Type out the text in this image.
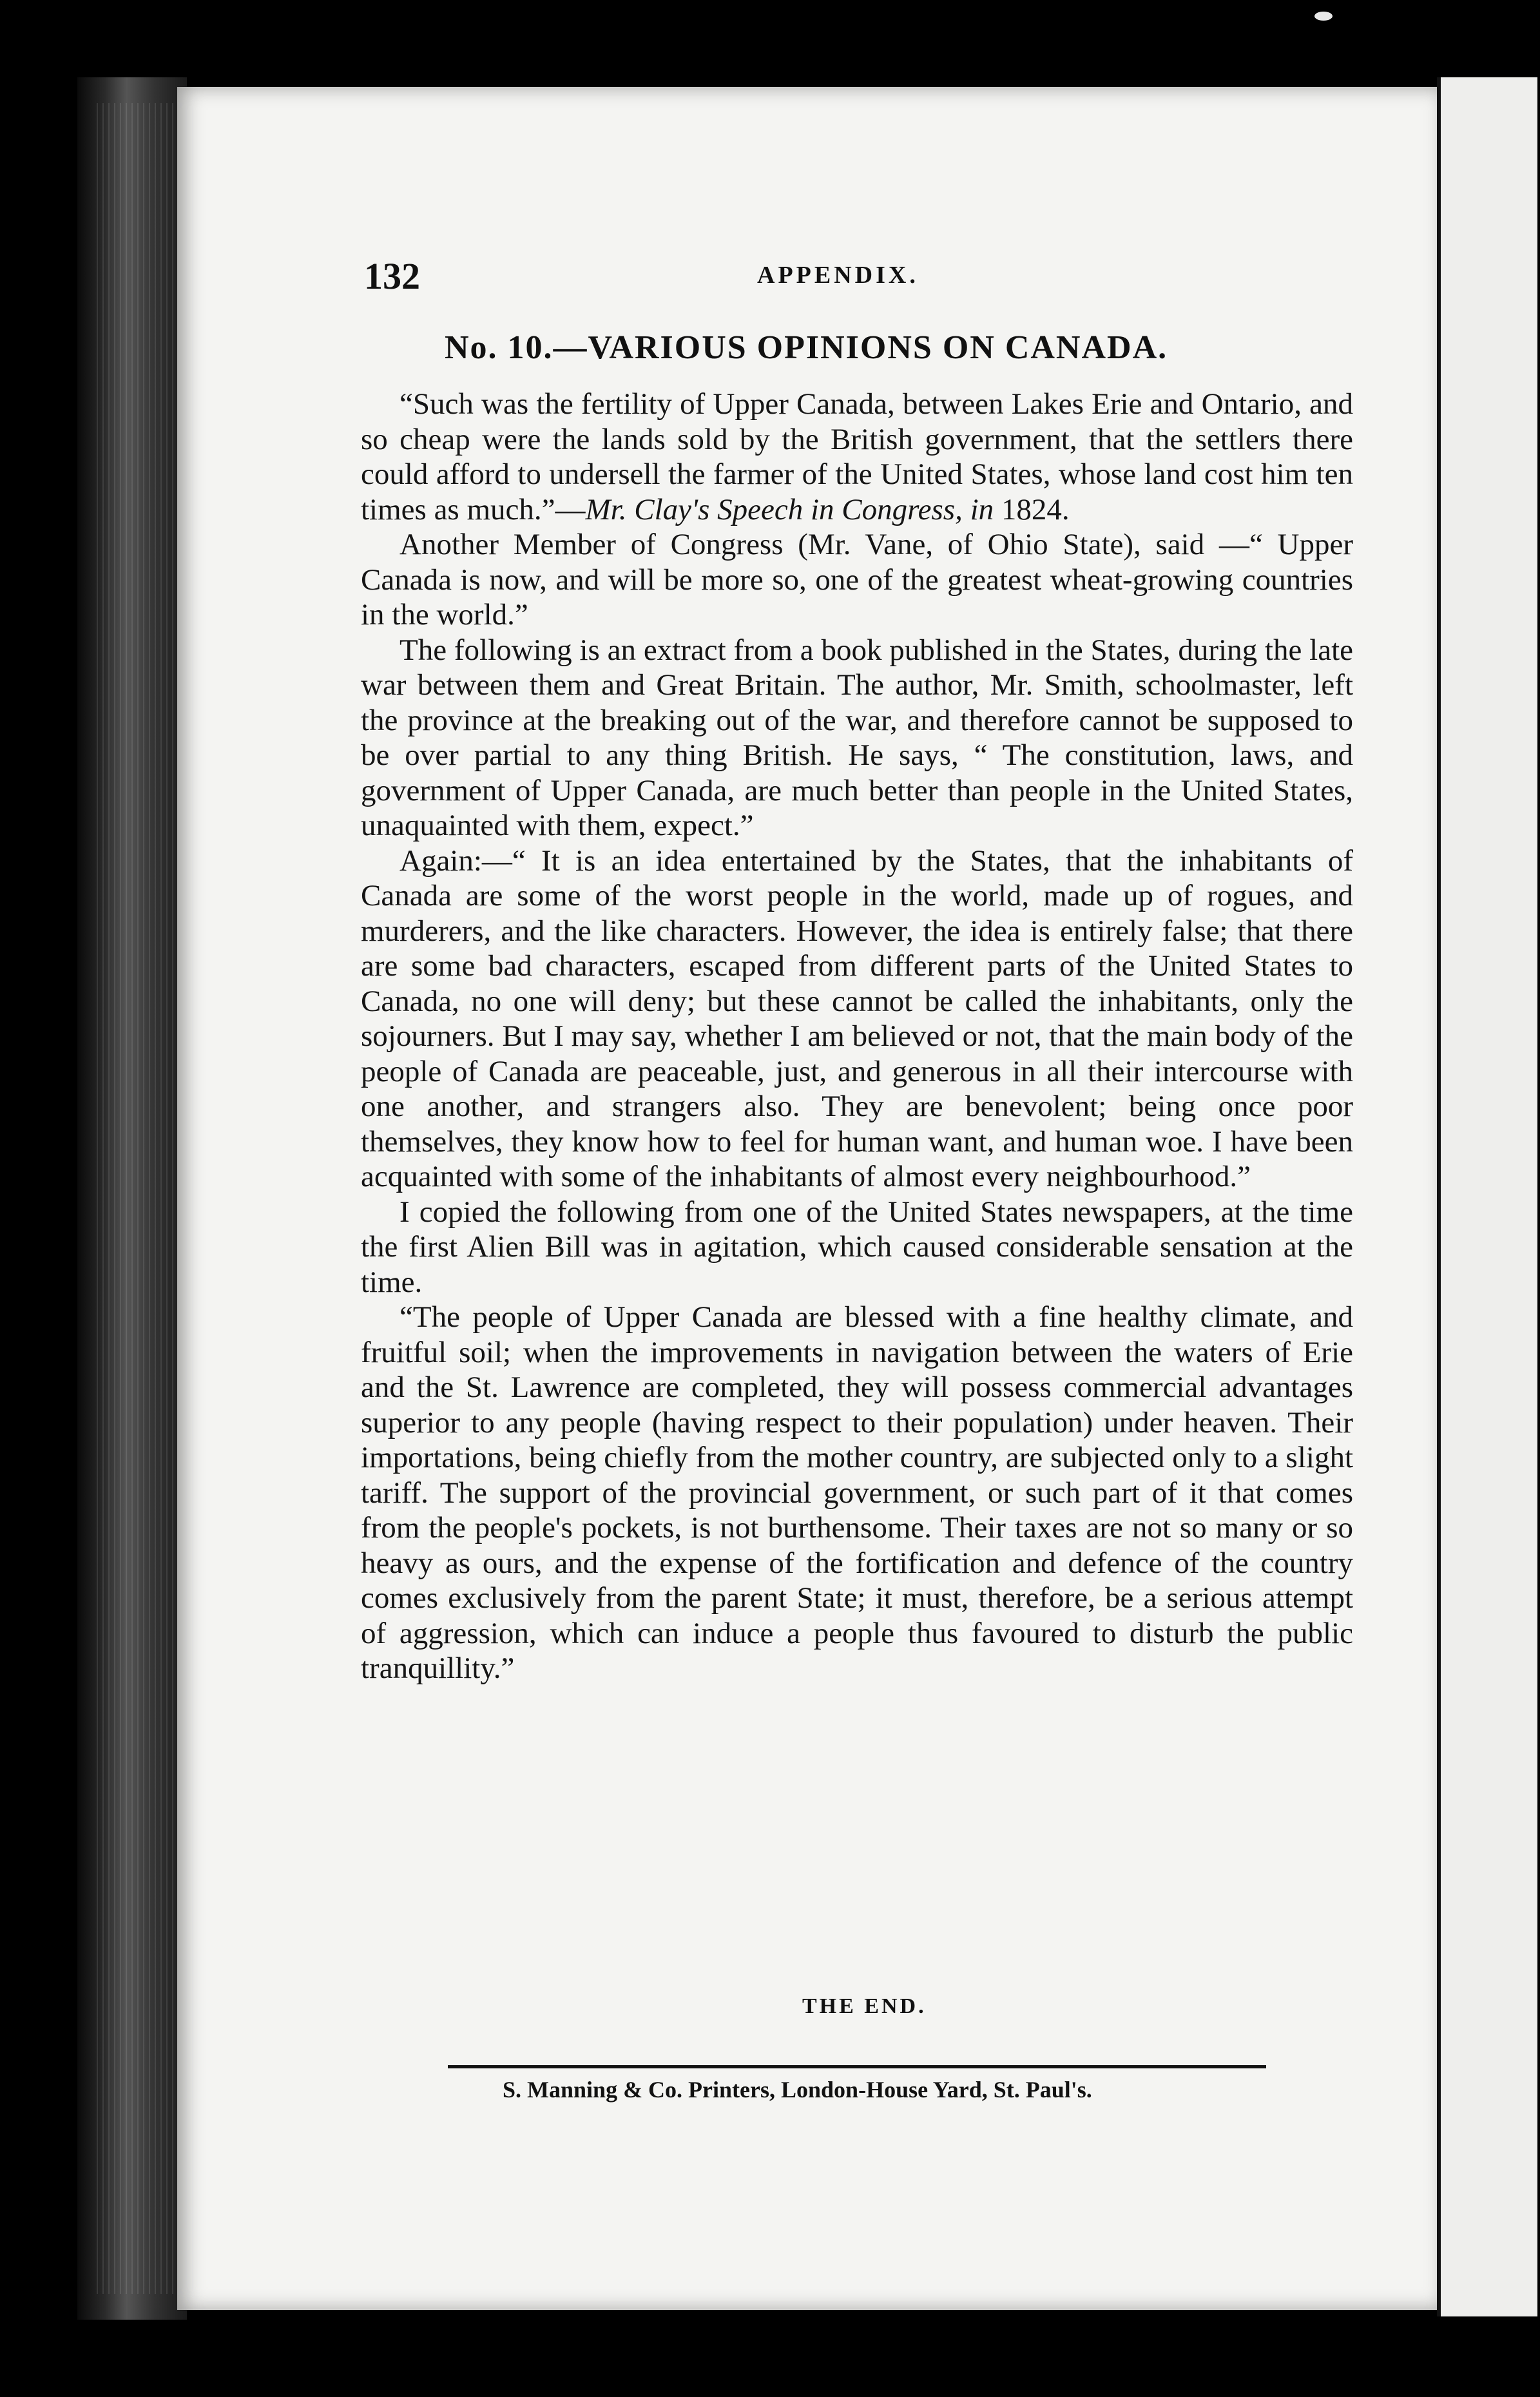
132	APPENDIX.
No. 10.—VARIOUS OPINIONS ON CANADA.

“Such was the fertility of Upper Canada, between Lakes Erie and Ontario, and so cheap were the lands sold by the British government, that the settlers there could afford to undersell the farmer of the United States, whose land cost him ten times as much.”—Mr. Clay's Speech in Congress, in 1824.

Another Member of Congress (Mr. Vane, of Ohio State), said —“ Upper Canada is now, and will be more so, one of the greatest wheat-growing countries in the world.”

The following is an extract from a book published in the States, during the late war between them and Great Britain. The author, Mr. Smith, schoolmaster, left the province at the breaking out of the war, and therefore cannot be supposed to be over partial to any thing British. He says, “ The constitution, laws, and government of Upper Canada, are much better than people in the United States, unaquainted with them, expect.”

Again:—“ It is an idea entertained by the States, that the inhabitants of Canada are some of the worst people in the world, made up of rogues, and murderers, and the like characters. However, the idea is entirely false; that there are some bad characters, escaped from different parts of the United States to Canada, no one will deny; but these cannot be called the inhabitants, only the sojourners. But I may say, whether I am believed or not, that the main body of the people of Canada are peaceable, just, and generous in all their intercourse with one another, and strangers also. They are benevolent; being once poor themselves, they know how to feel for human want, and human woe. I have been acquainted with some of the inhabitants of almost every neighbourhood.”

I copied the following from one of the United States newspapers, at the time the first Alien Bill was in agitation, which caused considerable sensation at the time.

“The people of Upper Canada are blessed with a fine healthy climate, and fruitful soil; when the improvements in navigation between the waters of Erie and the St. Lawrence are completed, they will possess commercial advantages superior to any people (having respect to their population) under heaven. Their importations, being chiefly from the mother country, are subjected only to a slight tariff. The support of the provincial government, or such part of it that comes from the people's pockets, is not burthensome. Their taxes are not so many or so heavy as ours, and the expense of the fortification and defence of the country comes exclusively from the parent State; it must, therefore, be a serious attempt of aggression, which can induce a people thus favoured to disturb the public tranquillity.”

THE END.
S. Manning & Co. Printers, London-House Yard, St. Paul's.
